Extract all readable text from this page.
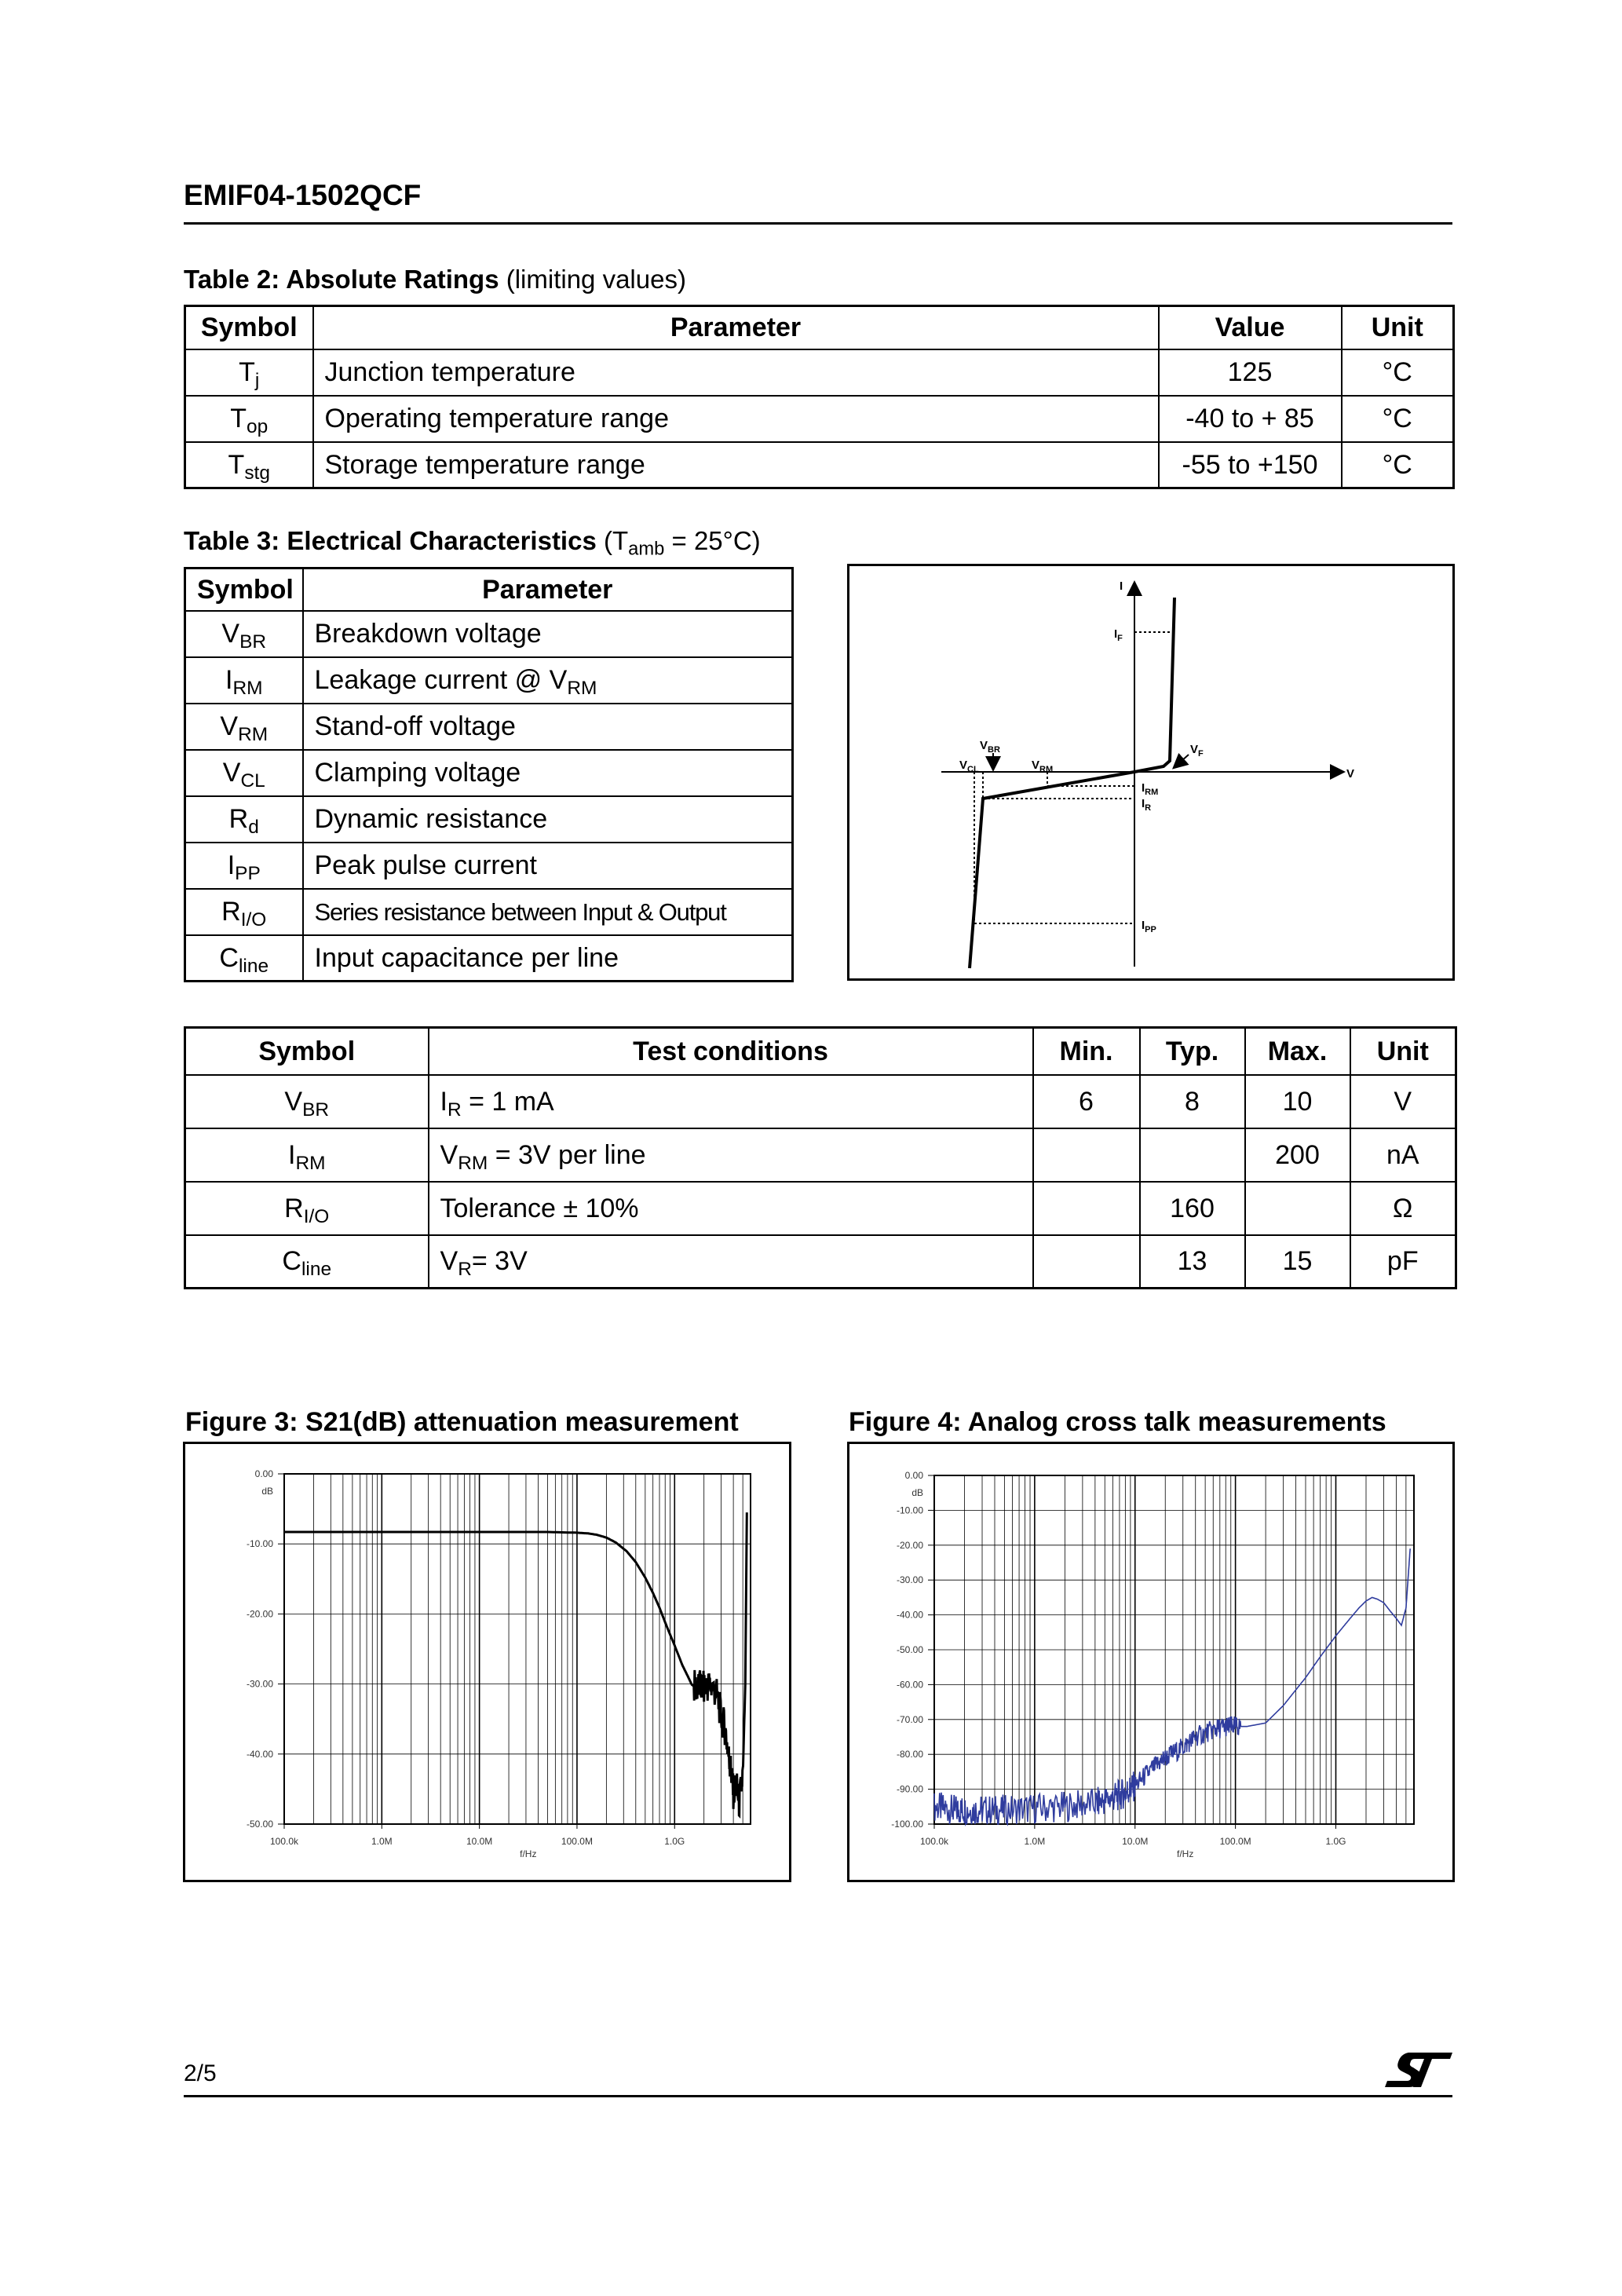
EMIF04-1502QCF
Table 2: Absolute Ratings (limiting values)
Symbol	Parameter	Value	Unit
$T_j$	Junction temperature	125	°C
$T_{op}$	Operating temperature range	-40 to + 85	°C
$T_{stg}$	Storage temperature range	-55 to +150	°C
Table 3: Electrical Characteristics $(T_{amb} = 25^\circ C)$
Symbol	Parameter
$V_{BR}$	Breakdown voltage
$I_{RM}$	Leakage current @ $V_{RM}$
$V_{RM}$	Stand-off voltage
$V_{CL}$	Clamping voltage
$R_d$	Dynamic resistance
$I_{PP}$	Peak pulse current
$R_{I/O}$	Series resistance between Input & Output
$C_{line}$	Input capacitance per line
I
V
$I_F$
$V_{BR}$
$V_{CL}$	$V_{RM}$
$V_F$
$I_{RM}$
$I_R$
$I_{PP}$
Symbol	Test conditions	Min.	Typ.	Max.	Unit
$V_{BR}$	$I_R = 1$ mA	6	8	10	V
$I_{RM}$	$V_{RM} = 3V$ per line			200	nA
$R_{I/O}$	Tolerance ± 10%		160		Ω
$C_{line}$	$V_R= 3V$		13	15	pF
Figure 3: S21(dB) attenuation measurement
0.00
-10.00
-20.00
-30.00
-40.00
-50.00
dB
100.0k	1.0M	10.0M	100.0M	1.0G
f/Hz
Figure 4: Analog cross talk measurements
0.00
-10.00
-20.00
-30.00
-40.00
-50.00
-60.00
-70.00
-80.00
-90.00
-100.00
dB
100.0k	1.0M	10.0M	100.0M	1.0G
f/Hz
2/5
